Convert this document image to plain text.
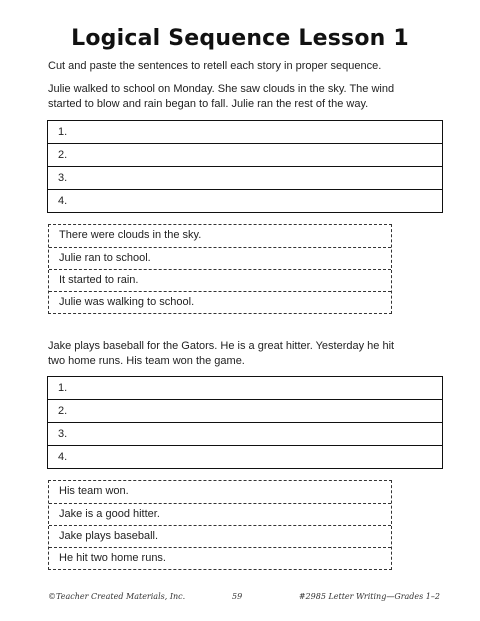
Logical Sequence Lesson 1
Cut and paste the sentences to retell each story in proper sequence.
Julie walked to school on Monday. She saw clouds in the sky. The wind
started to blow and rain began to fall. Julie ran the rest of the way.
1.
2.
3.
4.
There were clouds in the sky.
Julie ran to school.
It started to rain.
Julie was walking to school.
Jake plays baseball for the Gators. He is a great hitter. Yesterday he hit
two home runs. His team won the game.
1.
2.
3.
4.
His team won.
Jake is a good hitter.
Jake plays baseball.
He hit two home runs.
©Teacher Created Materials, Inc.	59	#2985 Letter Writing—Grades 1–2
